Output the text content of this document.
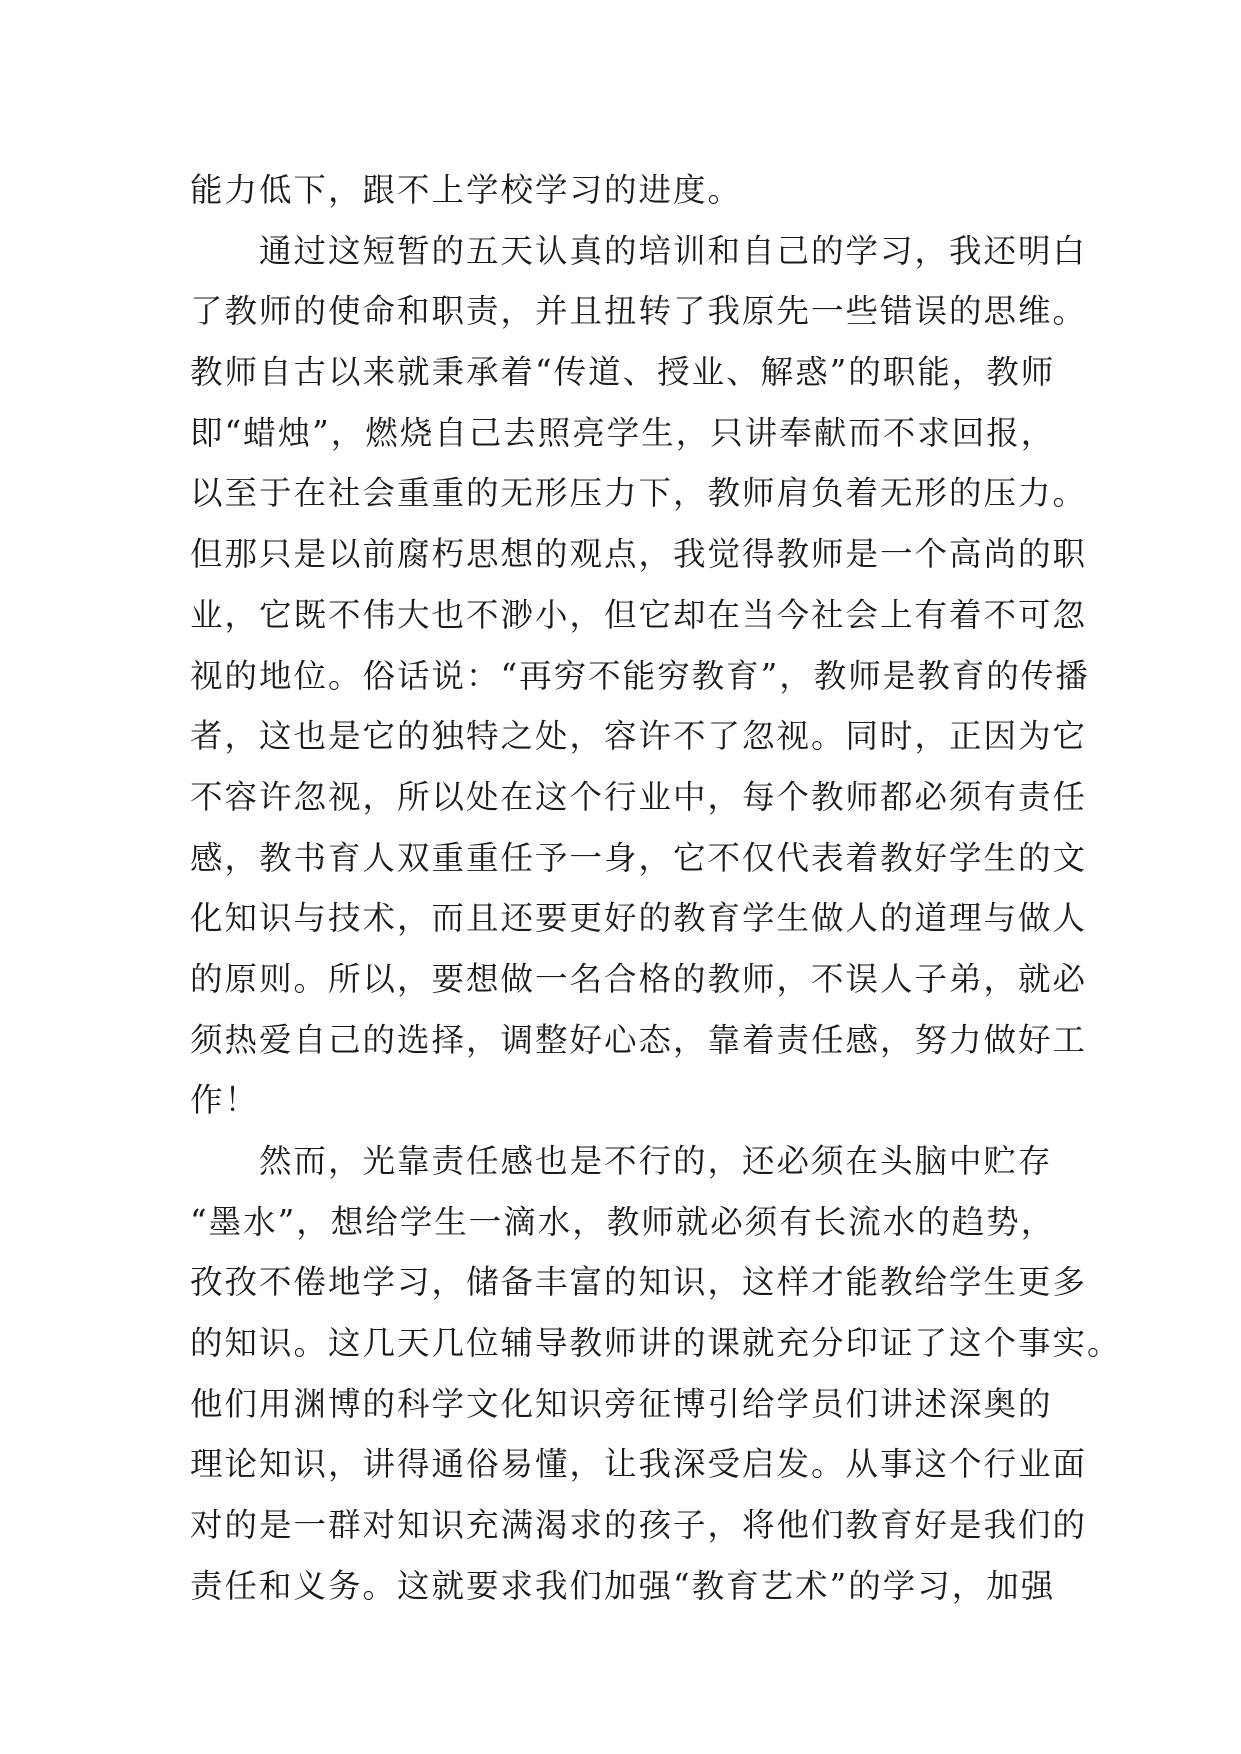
能力低下，跟不上学校学习的进度。
　　通过这短暂的五天认真的培训和自己的学习，我还明白
了教师的使命和职责，并且扭转了我原先一些错误的思维。
教师自古以来就秉承着“传道、授业、解惑”的职能，教师
即“蜡烛”，燃烧自己去照亮学生，只讲奉献而不求回报，
以至于在社会重重的无形压力下，教师肩负着无形的压力。
但那只是以前腐朽思想的观点，我觉得教师是一个高尚的职
业，它既不伟大也不渺小，但它却在当今社会上有着不可忽
视的地位。俗话说：“再穷不能穷教育”，教师是教育的传播
者，这也是它的独特之处，容许不了忽视。同时，正因为它
不容许忽视，所以处在这个行业中，每个教师都必须有责任
感，教书育人双重重任予一身，它不仅代表着教好学生的文
化知识与技术，而且还要更好的教育学生做人的道理与做人
的原则。所以，要想做一名合格的教师，不误人子弟，就必
须热爱自己的选择，调整好心态，靠着责任感，努力做好工
作！
　　然而，光靠责任感也是不行的，还必须在头脑中贮存
“墨水”，想给学生一滴水，教师就必须有长流水的趋势，
孜孜不倦地学习，储备丰富的知识，这样才能教给学生更多
的知识。这几天几位辅导教师讲的课就充分印证了这个事实。
他们用渊博的科学文化知识旁征博引给学员们讲述深奥的
理论知识，讲得通俗易懂，让我深受启发。从事这个行业面
对的是一群对知识充满渴求的孩子，将他们教育好是我们的
责任和义务。这就要求我们加强“教育艺术”的学习，加强
